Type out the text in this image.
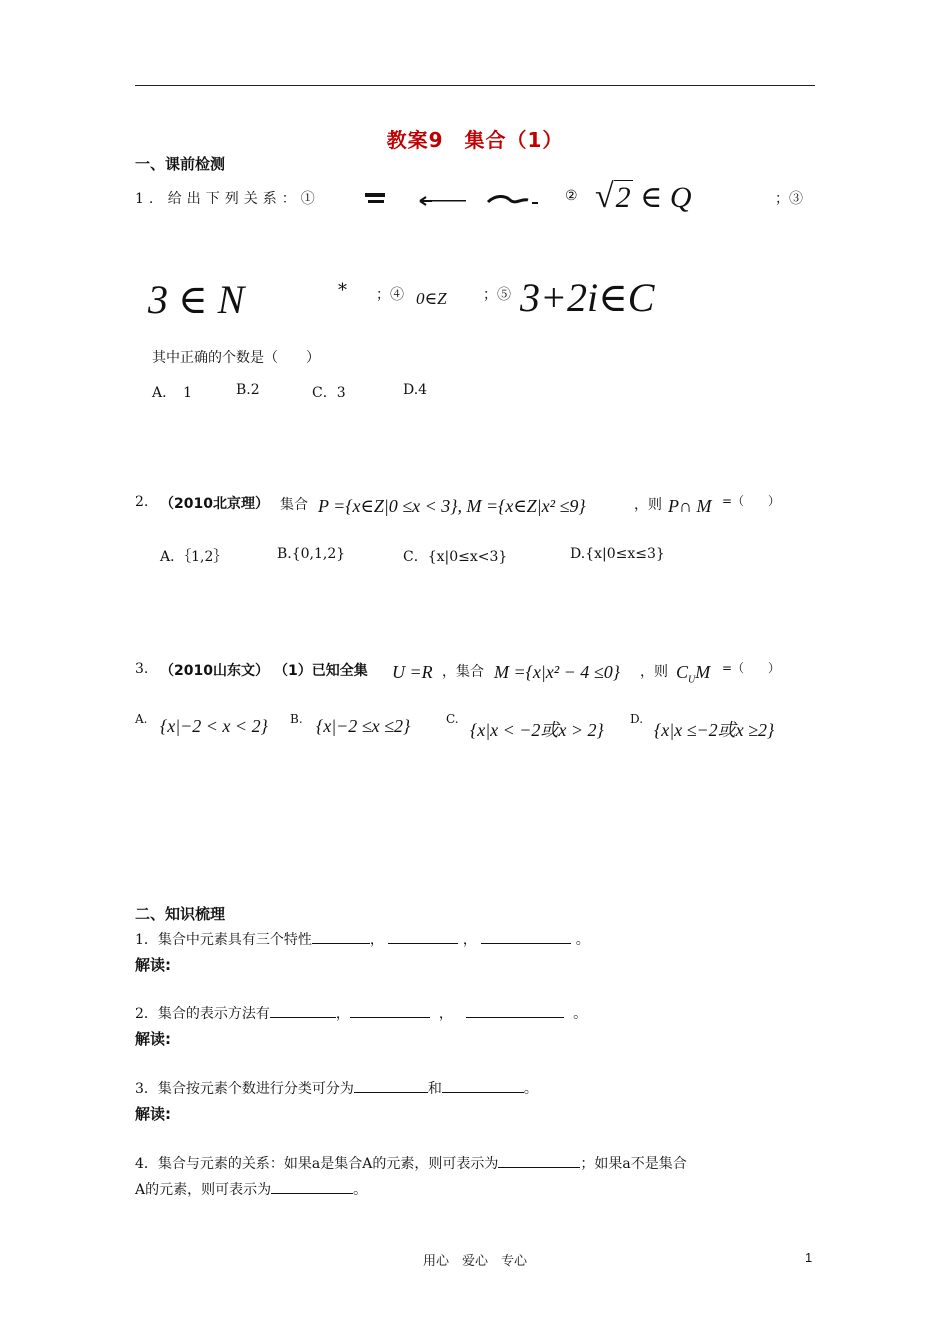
教案9　集合（1）
一、课前检测
1. 给出下列关系：①	② √2 ∈ Q	；③
3 ∈ N	* ；④ 0∈Z	；⑤ 3+2i∈C
其中正确的个数是（　　）
A．　1	B.2	C．3	D.4
2. （2010北京理） 集合 P ={x∈Z|0 ≤x < 3}, M ={x∈Z|x² ≤9}	，则 P∩ M =（　　）
A．｛1,2｝	B.{0,1,2}	C．{x|0≤x<3}	D.{x|0≤x≤3}
3. （2010山东文） （1）已知全集 U =R ，集合 M ={x|x² − 4 ≤0} ，则 $C_UM$ =（　　）
A. {x|−2 < x < 2} B. {x|−2 ≤x ≤2}	C.
{x|x < −2或x > 2}
D.
{x|x ≤−2或x ≥2}
二、知识梳理
1．集合中元素具有三个特性	，	，	。
解读:
2．集合的表示方法有	，	，	。
解读:
3．集合按元素个数进行分类可分为	和	。
解读:
4．集合与元素的关系：如果a是集合A的元素，则可表示为	；如果a不是集合
A的元素，则可表示为	。
用心　爱心　专心	1
